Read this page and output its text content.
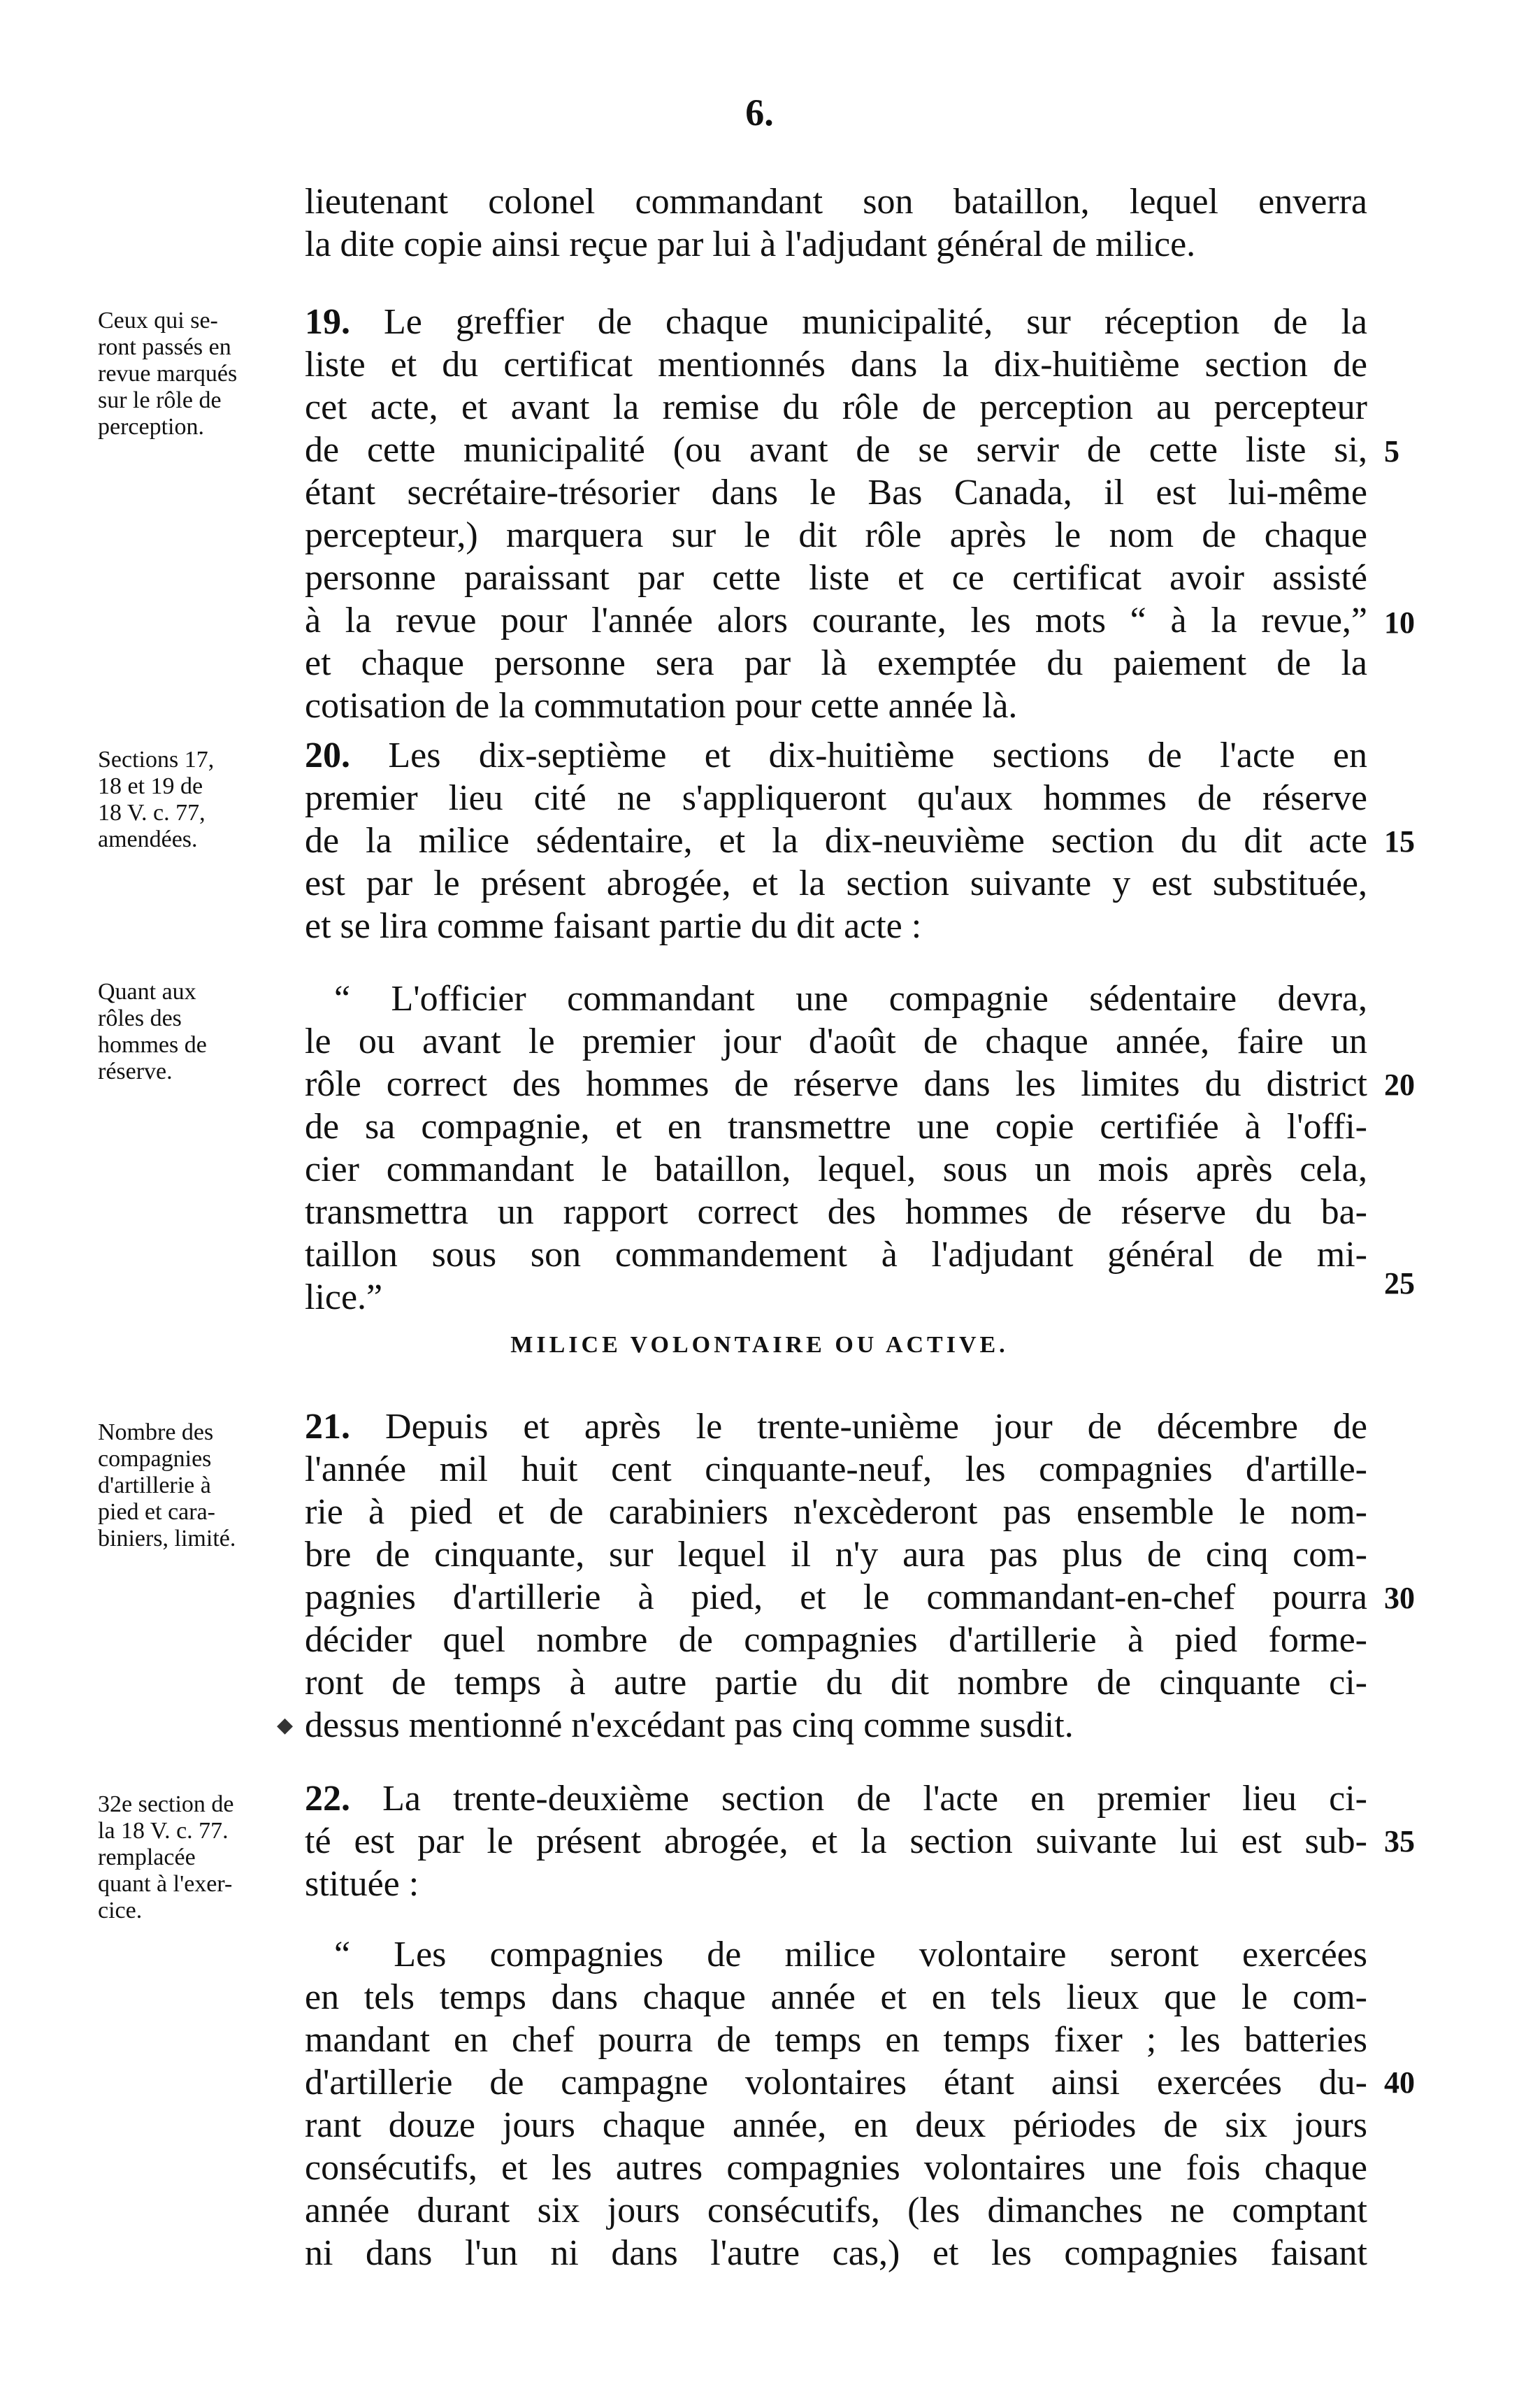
6.
lieutenant colonel commandant son bataillon, lequel enverra
la dite copie ainsi reçue par lui à l'adjudant général de milice.
19. Le greffier de chaque municipalité, sur réception de la
liste et du certificat mentionnés dans la dix-huitième section de
cet acte, et avant la remise du rôle de perception au percepteur
de cette municipalité (ou avant de se servir de cette liste si,
étant secrétaire-trésorier dans le Bas Canada, il est lui-même
percepteur,) marquera sur le dit rôle après le nom de chaque
personne paraissant par cette liste et ce certificat avoir assisté
à la revue pour l'année alors courante, les mots “ à la revue,”
et chaque personne sera par là exemptée du paiement de la
cotisation de la commutation pour cette année là.
Ceux qui se-
ront passés en
revue marqués
sur le rôle de
perception.
20. Les dix-septième et dix-huitième sections de l'acte en
premier lieu cité ne s'appliqueront qu'aux hommes de réserve
de la milice sédentaire, et la dix-neuvième section du dit acte
est par le présent abrogée, et la section suivante y est substituée,
et se lira comme faisant partie du dit acte :
Sections 17,
18 et 19 de
18 V. c. 77,
amendées.
“ L'officier commandant une compagnie sédentaire devra,
le ou avant le premier jour d'août de chaque année, faire un
rôle correct des hommes de réserve dans les limites du district
de sa compagnie, et en transmettre une copie certifiée à l'offi-
cier commandant le bataillon, lequel, sous un mois après cela,
transmettra un rapport correct des hommes de réserve du ba-
taillon sous son commandement à l'adjudant général de mi-
lice.”
Quant aux
rôles des
hommes de
réserve.
MILICE VOLONTAIRE OU ACTIVE.
21. Depuis et après le trente-unième jour de décembre de
l'année mil huit cent cinquante-neuf, les compagnies d'artille-
rie à pied et de carabiniers n'excèderont pas ensemble le nom-
bre de cinquante, sur lequel il n'y aura pas plus de cinq com-
pagnies d'artillerie à pied, et le commandant-en-chef pourra
décider quel nombre de compagnies d'artillerie à pied forme-
ront de temps à autre partie du dit nombre de cinquante ci-
dessus mentionné n'excédant pas cinq comme susdit.
Nombre des
compagnies
d'artillerie à
pied et cara-
biniers, limité.
◆
22. La trente-deuxième section de l'acte en premier lieu ci-
té est par le présent abrogée, et la section suivante lui est sub-
stituée :
32e section de
la 18 V. c. 77.
remplacée
quant à l'exer-
cice.
“ Les compagnies de milice volontaire seront exercées
en tels temps dans chaque année et en tels lieux que le com-
mandant en chef pourra de temps en temps fixer ; les batteries
d'artillerie de campagne volontaires étant ainsi exercées du-
rant douze jours chaque année, en deux périodes de six jours
consécutifs, et les autres compagnies volontaires une fois chaque
année durant six jours consécutifs, (les dimanches ne comptant
ni dans l'un ni dans l'autre cas,) et les compagnies faisant
5
10
15
20
25
30
35
40
